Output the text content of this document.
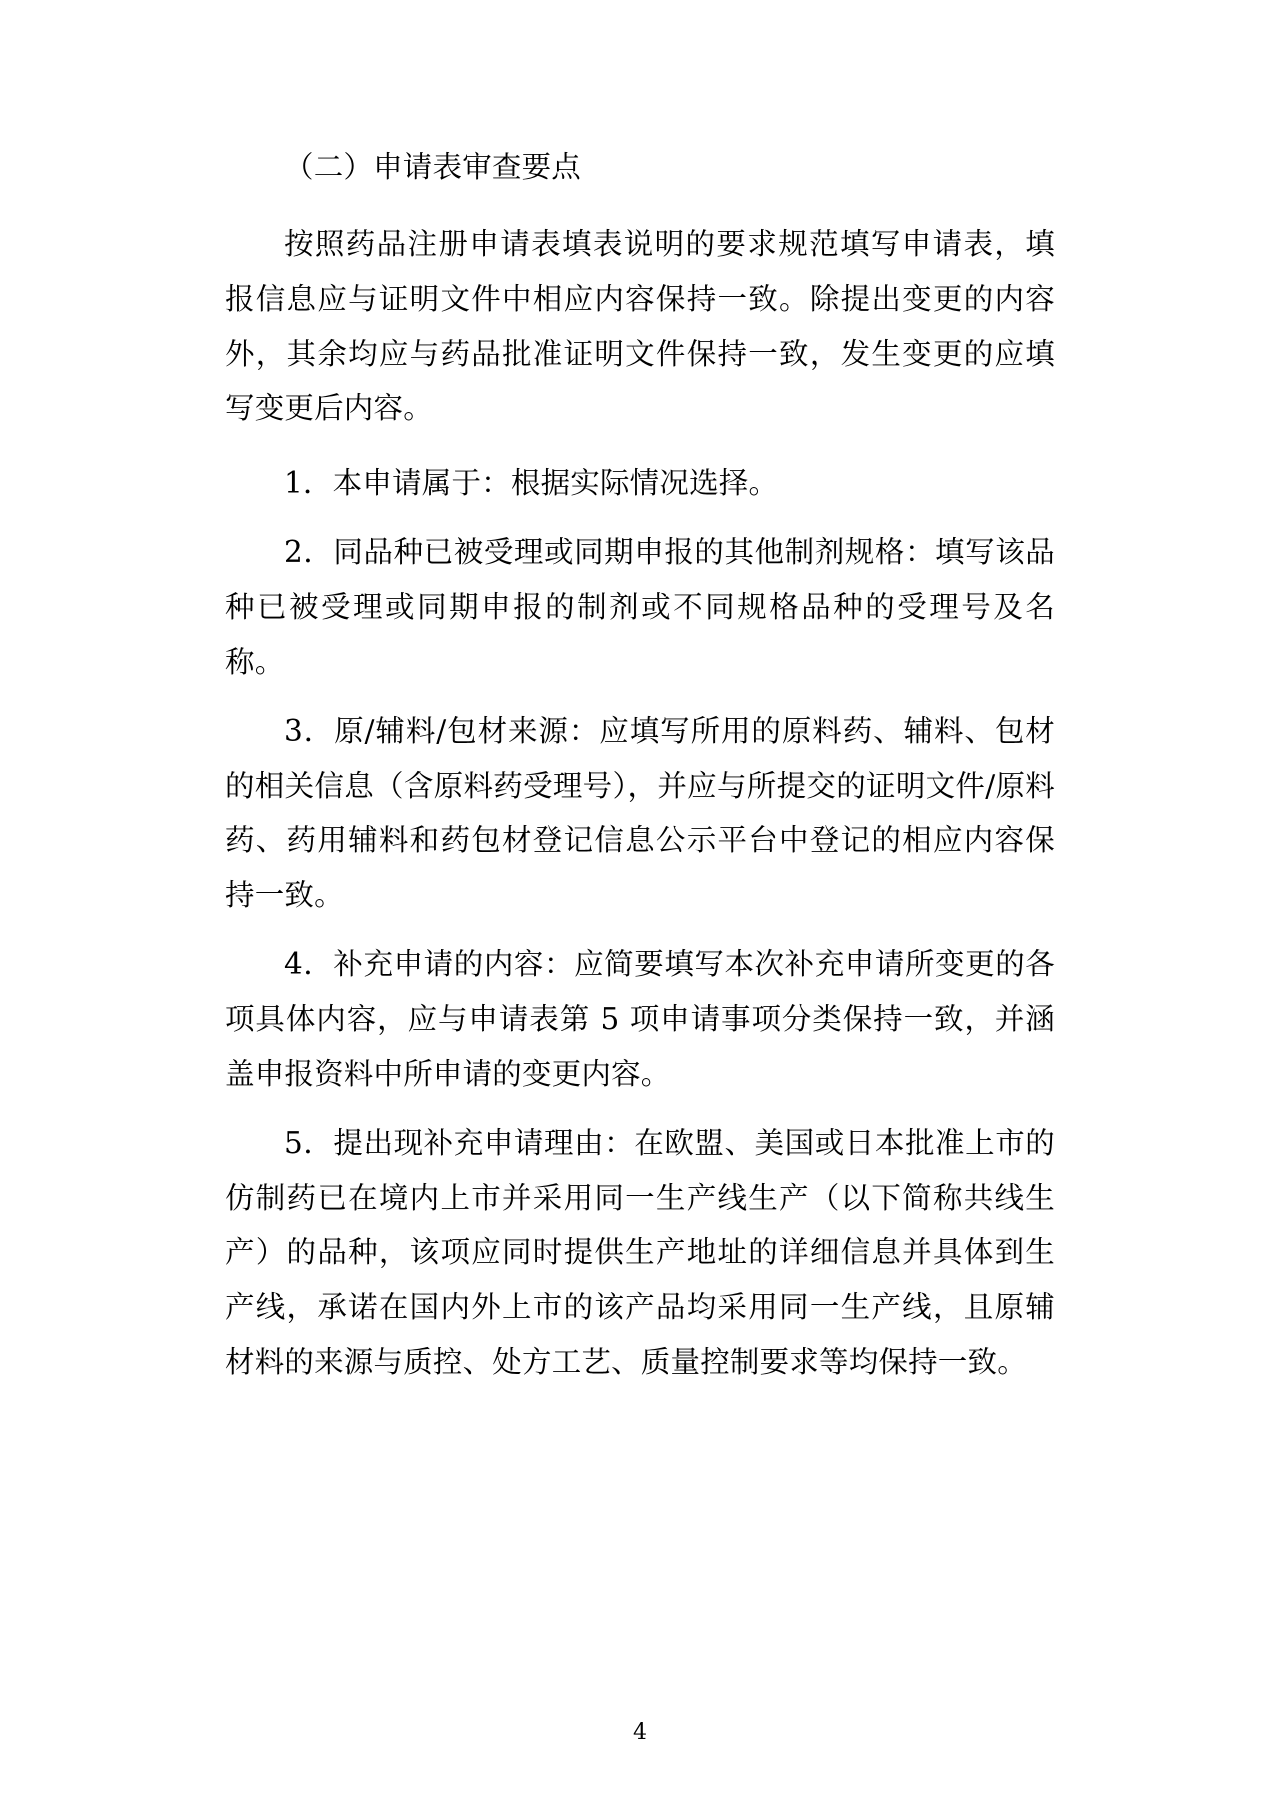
（二）申请表审查要点

按照药品注册申请表填表说明的要求规范填写申请表，填报信息应与证明文件中相应内容保持一致。除提出变更的内容外，其余均应与药品批准证明文件保持一致，发生变更的应填写变更后内容。

1．本申请属于：根据实际情况选择。

2．同品种已被受理或同期申报的其他制剂规格：填写该品种已被受理或同期申报的制剂或不同规格品种的受理号及名称。

3．原/辅料/包材来源：应填写所用的原料药、辅料、包材的相关信息（含原料药受理号），并应与所提交的证明文件/原料药、药用辅料和药包材登记信息公示平台中登记的相应内容保持一致。

4．补充申请的内容：应简要填写本次补充申请所变更的各项具体内容，应与申请表第 5 项申请事项分类保持一致，并涵盖申报资料中所申请的变更内容。

5．提出现补充申请理由：在欧盟、美国或日本批准上市的仿制药已在境内上市并采用同一生产线生产（以下简称共线生产）的品种，该项应同时提供生产地址的详细信息并具体到生产线，承诺在国内外上市的该产品均采用同一生产线，且原辅材料的来源与质控、处方工艺、质量控制要求等均保持一致。

4
